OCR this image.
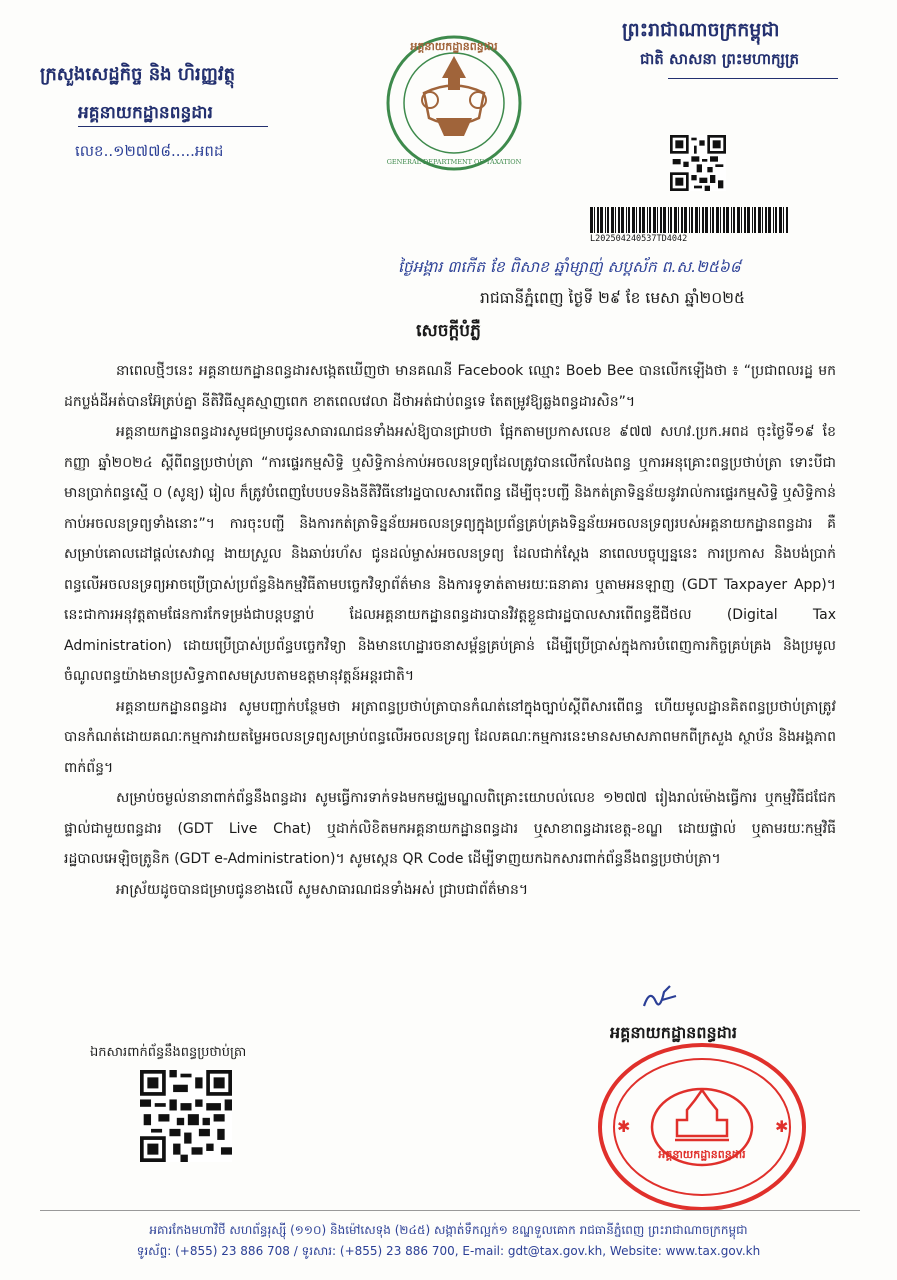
ក្រសួងសេដ្ឋកិច្ច និង ហិរញ្ញវត្ថុ
អគ្គនាយកដ្ឋានពន្ធដារ
លេខ..១២៧៧៨.....អពដ
អគ្គនាយកដ្ឋានពន្ធដារ
GENERAL DEPARTMENT OF TAXATION
ព្រះរាជាណាចក្រកម្ពុជា
ជាតិ សាសនា ព្រះមហាក្សត្រ
L202504240537TD4042
ថ្ងៃអង្គារ ៣កើត ខែ ពិសាខ ឆ្នាំម្សាញ់ សប្តស័ក ព.ស.២៥៦៨
រាជធានីភ្នំពេញ ថ្ងៃទី ២៩ ខែ មេសា ឆ្នាំ២០២៥
សេចក្តីបំភ្លឺ

នាពេលថ្មីៗនេះ អគ្គនាយកដ្ឋានពន្ធដារសង្កេតឃើញថា មានគណនី Facebook ឈ្មោះ Boeb Bee បានលើកឡើងថា ៖ “ប្រជាពលរដ្ឋ មកដកប្លង់ដីអត់បានអ៊ែត្រប់គ្នា នីតិវិធីស្មុគស្មាញពេក ខាតពេលវេលា ដីថាអត់ជាប់ពន្ធទេ តែតម្រូវឱ្យឆ្លងពន្ធដារសិន”។

អគ្គនាយកដ្ឋានពន្ធដារសូមជម្រាបជូនសាធារណជនទាំងអស់ឱ្យបានជ្រាបថា ផ្អែកតាមប្រកាសលេខ ៩៧៧ សហវ.ប្រក.អពដ ចុះថ្ងៃទី១៩ ខែកញ្ញា ឆ្នាំ២០២៤ ស្តីពីពន្ធប្រថាប់ត្រា “ការផ្ទេរកម្មសិទ្ធិ ឬសិទ្ធិកាន់កាប់អចលនទ្រព្យដែលត្រូវបានលើកលែងពន្ធ ឬការអនុគ្រោះពន្ធប្រថាប់ត្រា ទោះបីជាមានប្រាក់ពន្ធស្មើ ០ (សូន្យ) រៀល ក៏ត្រូវបំពេញបែបបទនិងនីតិវិធីនៅរដ្ឋបាលសារពើពន្ធ ដើម្បីចុះបញ្ជី និងកត់ត្រាទិន្នន័យនូវរាល់ការផ្ទេរកម្មសិទ្ធិ ឬសិទ្ធិកាន់កាប់អចលនទ្រព្យទាំងនោះ”។ ការចុះបញ្ជី និងការកត់ត្រាទិន្នន័យអចលនទ្រព្យក្នុងប្រព័ន្ធគ្រប់គ្រងទិន្នន័យអចលនទ្រព្យរបស់អគ្គនាយកដ្ឋានពន្ធដារ គឺសម្រាប់គោលដៅផ្តល់សេវាល្អ ងាយស្រួល និងឆាប់រហ័ស ជូនដល់ម្ចាស់អចលនទ្រព្យ ដែលជាក់ស្តែង នាពេលបច្ចុប្បន្ននេះ ការប្រកាស និងបង់ប្រាក់ពន្ធលើអចលនទ្រព្យអាចប្រើប្រាស់ប្រព័ន្ធនិងកម្មវិធីតាមបច្ចេកវិទ្យាព័ត៌មាន និងការទូទាត់តាមរយៈធនាគារ ឬតាមអនឡាញ (GDT Taxpayer App)។ នេះជាការអនុវត្តតាមផែនការកែទម្រង់ជាបន្តបន្ទាប់ ដែលអគ្គនាយកដ្ឋានពន្ធដារបានវិវត្តខ្លួនជារដ្ឋបាលសារពើពន្ធឌីជីថល (Digital Tax Administration) ដោយប្រើប្រាស់ប្រព័ន្ធបច្ចេកវិទ្យា និងមានហេដ្ឋារចនាសម្ព័ន្ធគ្រប់គ្រាន់ ដើម្បីប្រើប្រាស់ក្នុងការបំពេញការកិច្ចគ្រប់គ្រង និងប្រមូលចំណូលពន្ធយ៉ាងមានប្រសិទ្ធភាពសមស្របតាមឧត្តមានុវត្តន៍អន្តរជាតិ។

អគ្គនាយកដ្ឋានពន្ធដារ សូមបញ្ជាក់បន្ថែមថា អត្រាពន្ធប្រថាប់ត្រាបានកំណត់នៅក្នុងច្បាប់ស្តីពីសារពើពន្ធ ហើយមូលដ្ឋានគិតពន្ធប្រថាប់ត្រាត្រូវបានកំណត់ដោយគណៈកម្មការវាយតម្លៃអចលនទ្រព្យសម្រាប់ពន្ធលើអចលនទ្រព្យ ដែលគណៈកម្មការនេះមានសមាសភាពមកពីក្រសួង ស្ថាប័ន និងអង្គភាពពាក់ព័ន្ធ។

សម្រាប់ចម្ងល់នានាពាក់ព័ន្ធនឹងពន្ធដារ សូមធ្វើការទាក់ទងមកមជ្ឈមណ្ឌលពិគ្រោះយោបល់លេខ ១២៧៧ រៀងរាល់ម៉ោងធ្វើការ ឬកម្មវិធីជជែកផ្ទាល់ជាមួយពន្ធដារ (GDT Live Chat) ឬដាក់លិខិតមកអគ្គនាយកដ្ឋានពន្ធដារ ឬសាខាពន្ធដារខេត្ត-ខណ្ឌ ដោយផ្ទាល់ ឬតាមរយៈកម្មវិធីរដ្ឋបាលអេឡិចត្រូនិក (GDT e-Administration)។ សូមស្កេន QR Code ដើម្បីទាញយកឯកសារពាក់ព័ន្ធនឹងពន្ធប្រថាប់ត្រា។

អាស្រ័យដូចបានជម្រាបជូនខាងលើ សូមសាធារណជនទាំងអស់ ជ្រាបជាព័ត៌មាន។

អគ្គនាយកដ្ឋានពន្ធដារ
ឯកសារពាក់ព័ន្ធនឹងពន្ធប្រថាប់ត្រា
អគ្គនាយកដ្ឋានពន្ធដារ
✱	✱
អគារកែងមហាវិថី សហព័ន្ធរុស្ស៊ី (១១០) និងម៉ៅសេទុង (២៤៥) សង្កាត់ទឹកល្អក់១ ខណ្ឌទួលគោក រាជធានីភ្នំពេញ ព្រះរាជាណាចក្រកម្ពុជា
ទូរស័ព្ទ: (+855) 23 886 708 / ទូរសារ: (+855) 23 886 700, E-mail: gdt@tax.gov.kh, Website: www.tax.gov.kh
